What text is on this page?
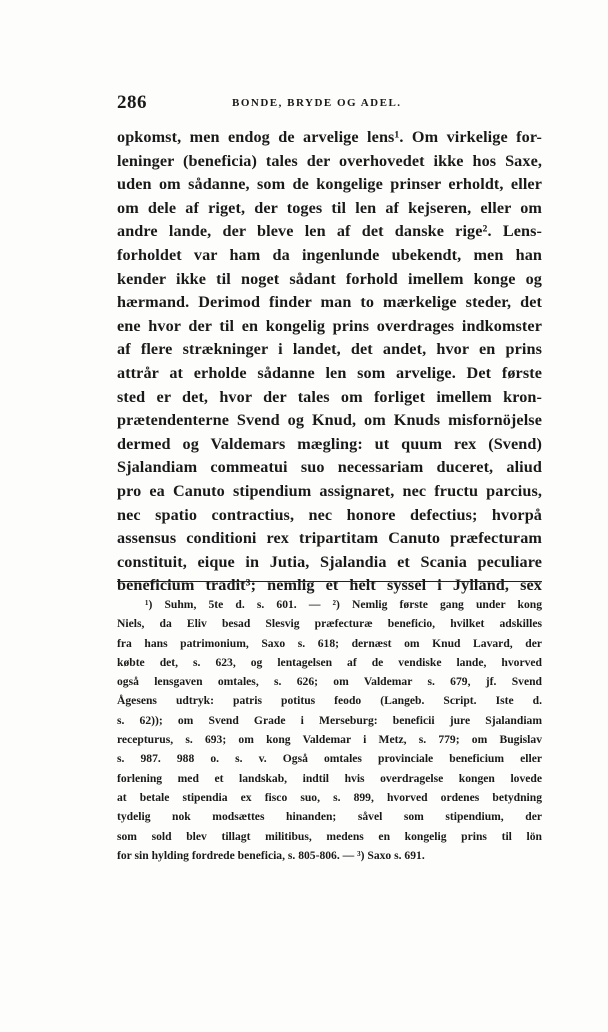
286	BONDE, BRYDE OG ADEL.
opkomst, men endog de arvelige lens¹. Om virkelige for-
leninger (beneficia) tales der overhovedet ikke hos Saxe,
uden om sådanne, som de kongelige prinser erholdt, eller
om dele af riget, der toges til len af kejseren, eller om
andre lande, der bleve len af det danske rige². Lens-
forholdet var ham da ingenlunde ubekendt, men han
kender ikke til noget sådant forhold imellem konge og
hærmand. Derimod finder man to mærkelige steder, det
ene hvor der til en kongelig prins overdrages indkomster
af flere strækninger i landet, det andet, hvor en prins
attrår at erholde sådanne len som arvelige. Det første
sted er det, hvor der tales om forliget imellem kron-
prætendenterne Svend og Knud, om Knuds misfornöjelse
dermed og Valdemars mægling: ut quum rex (Svend)
Sjalandiam commeatui suo necessariam duceret, aliud
pro ea Canuto stipendium assignaret, nec fructu parcius,
nec spatio contractius, nec honore defectius; hvorpå
assensus conditioni rex tripartitam Canuto præfecturam
constituit, eique in Jutia, Sjalandia et Scania peculiare
beneficium tradit³; nemlig et helt syssel i Jylland, sex
¹) Suhm, 5te d. s. 601. — ²) Nemlig første gang under kong
Niels, da Eliv besad Slesvig præfecturæ beneficio, hvilket adskilles
fra hans patrimonium, Saxo s. 618; dernæst om Knud Lavard, der
købte det, s. 623, og lentagelsen af de vendiske lande, hvorved
også lensgaven omtales, s. 626; om Valdemar s. 679, jf. Svend
Ågesens udtryk: patris potitus feodo (Langeb. Script. Iste d.
s. 62)); om Svend Grade i Merseburg: beneficii jure Sjalandiam
recepturus, s. 693; om kong Valdemar i Metz, s. 779; om Bugislav
s. 987. 988 o. s. v. Også omtales provinciale beneficium eller
forlening med et landskab, indtil hvis overdragelse kongen lovede
at betale stipendia ex fisco suo, s. 899, hvorved ordenes betydning
tydelig nok modsættes hinanden; såvel som stipendium, der
som sold blev tillagt militibus, medens en kongelig prins til lön
for sin hylding fordrede beneficia, s. 805-806. — ³) Saxo s. 691.
